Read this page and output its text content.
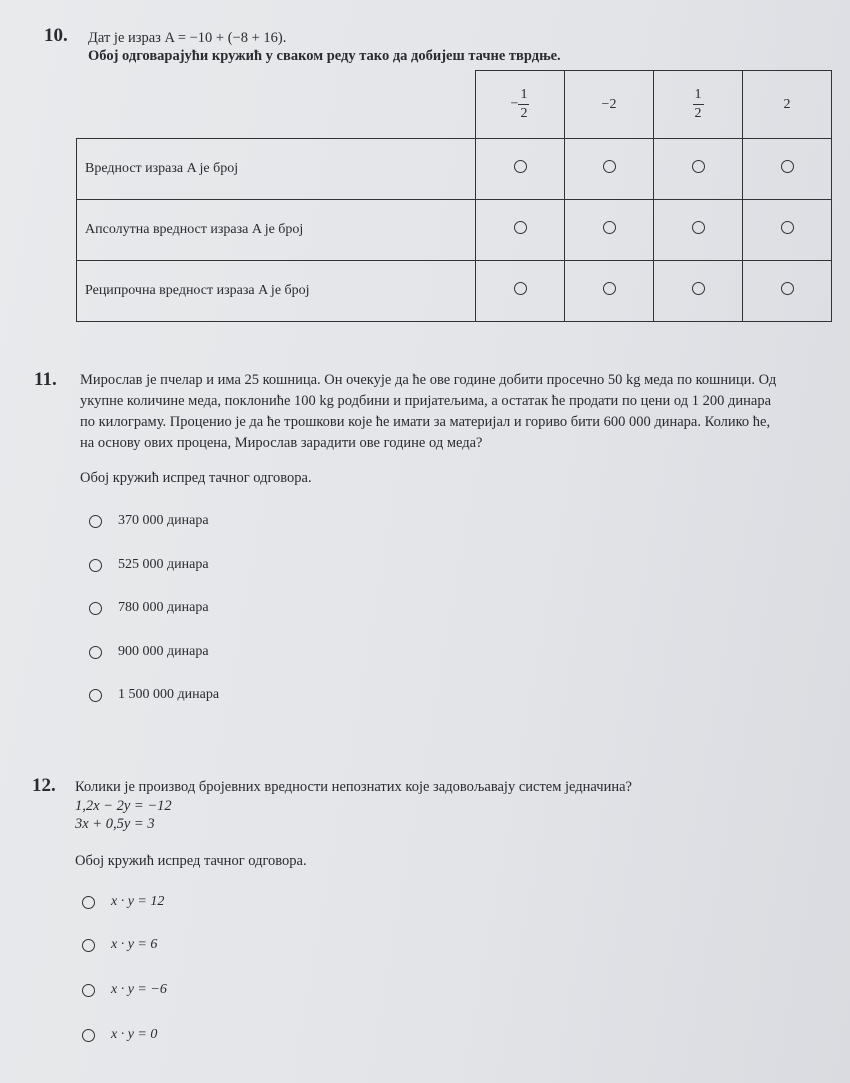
10. Дат је израз A = −10 + (−8 + 16).
Обој одговарајући кружић у сваком реду тако да добијеш тачне тврдње.
	− $\frac{1}{2}$	−2	$\frac{1}{2}$	2
Вредност израза A је број				
Апсолутна вредност израза A је број				
Реципрочна вредност израза A је број				
11. Мирослав је пчелар и има 25 кошница. Он очекује да ће ове године добити просечно 50 kg меда по кошници. Од
укупне количине меда, поклониће 100 kg родбини и пријатељима, а остатак ће продати по цени од 1 200 динара
по килограму. Проценио је да ће трошкови које ће имати за материјал и гориво бити 600 000 динара. Колико ће,
на основу ових процена, Мирослав зарадити ове године од меда?
Обој кружић испред тачног одговора.
370 000 динара
525 000 динара
780 000 динара
900 000 динара
1 500 000 динара
12. Колики је производ бројевних вредности непознатих које задовољавају систем једначина?
1,2x − 2y = −12
3x + 0,5y = 3
Обој кружић испред тачног одговора.
x · y = 12
x · y = 6
x · y = −6
x · y = 0
